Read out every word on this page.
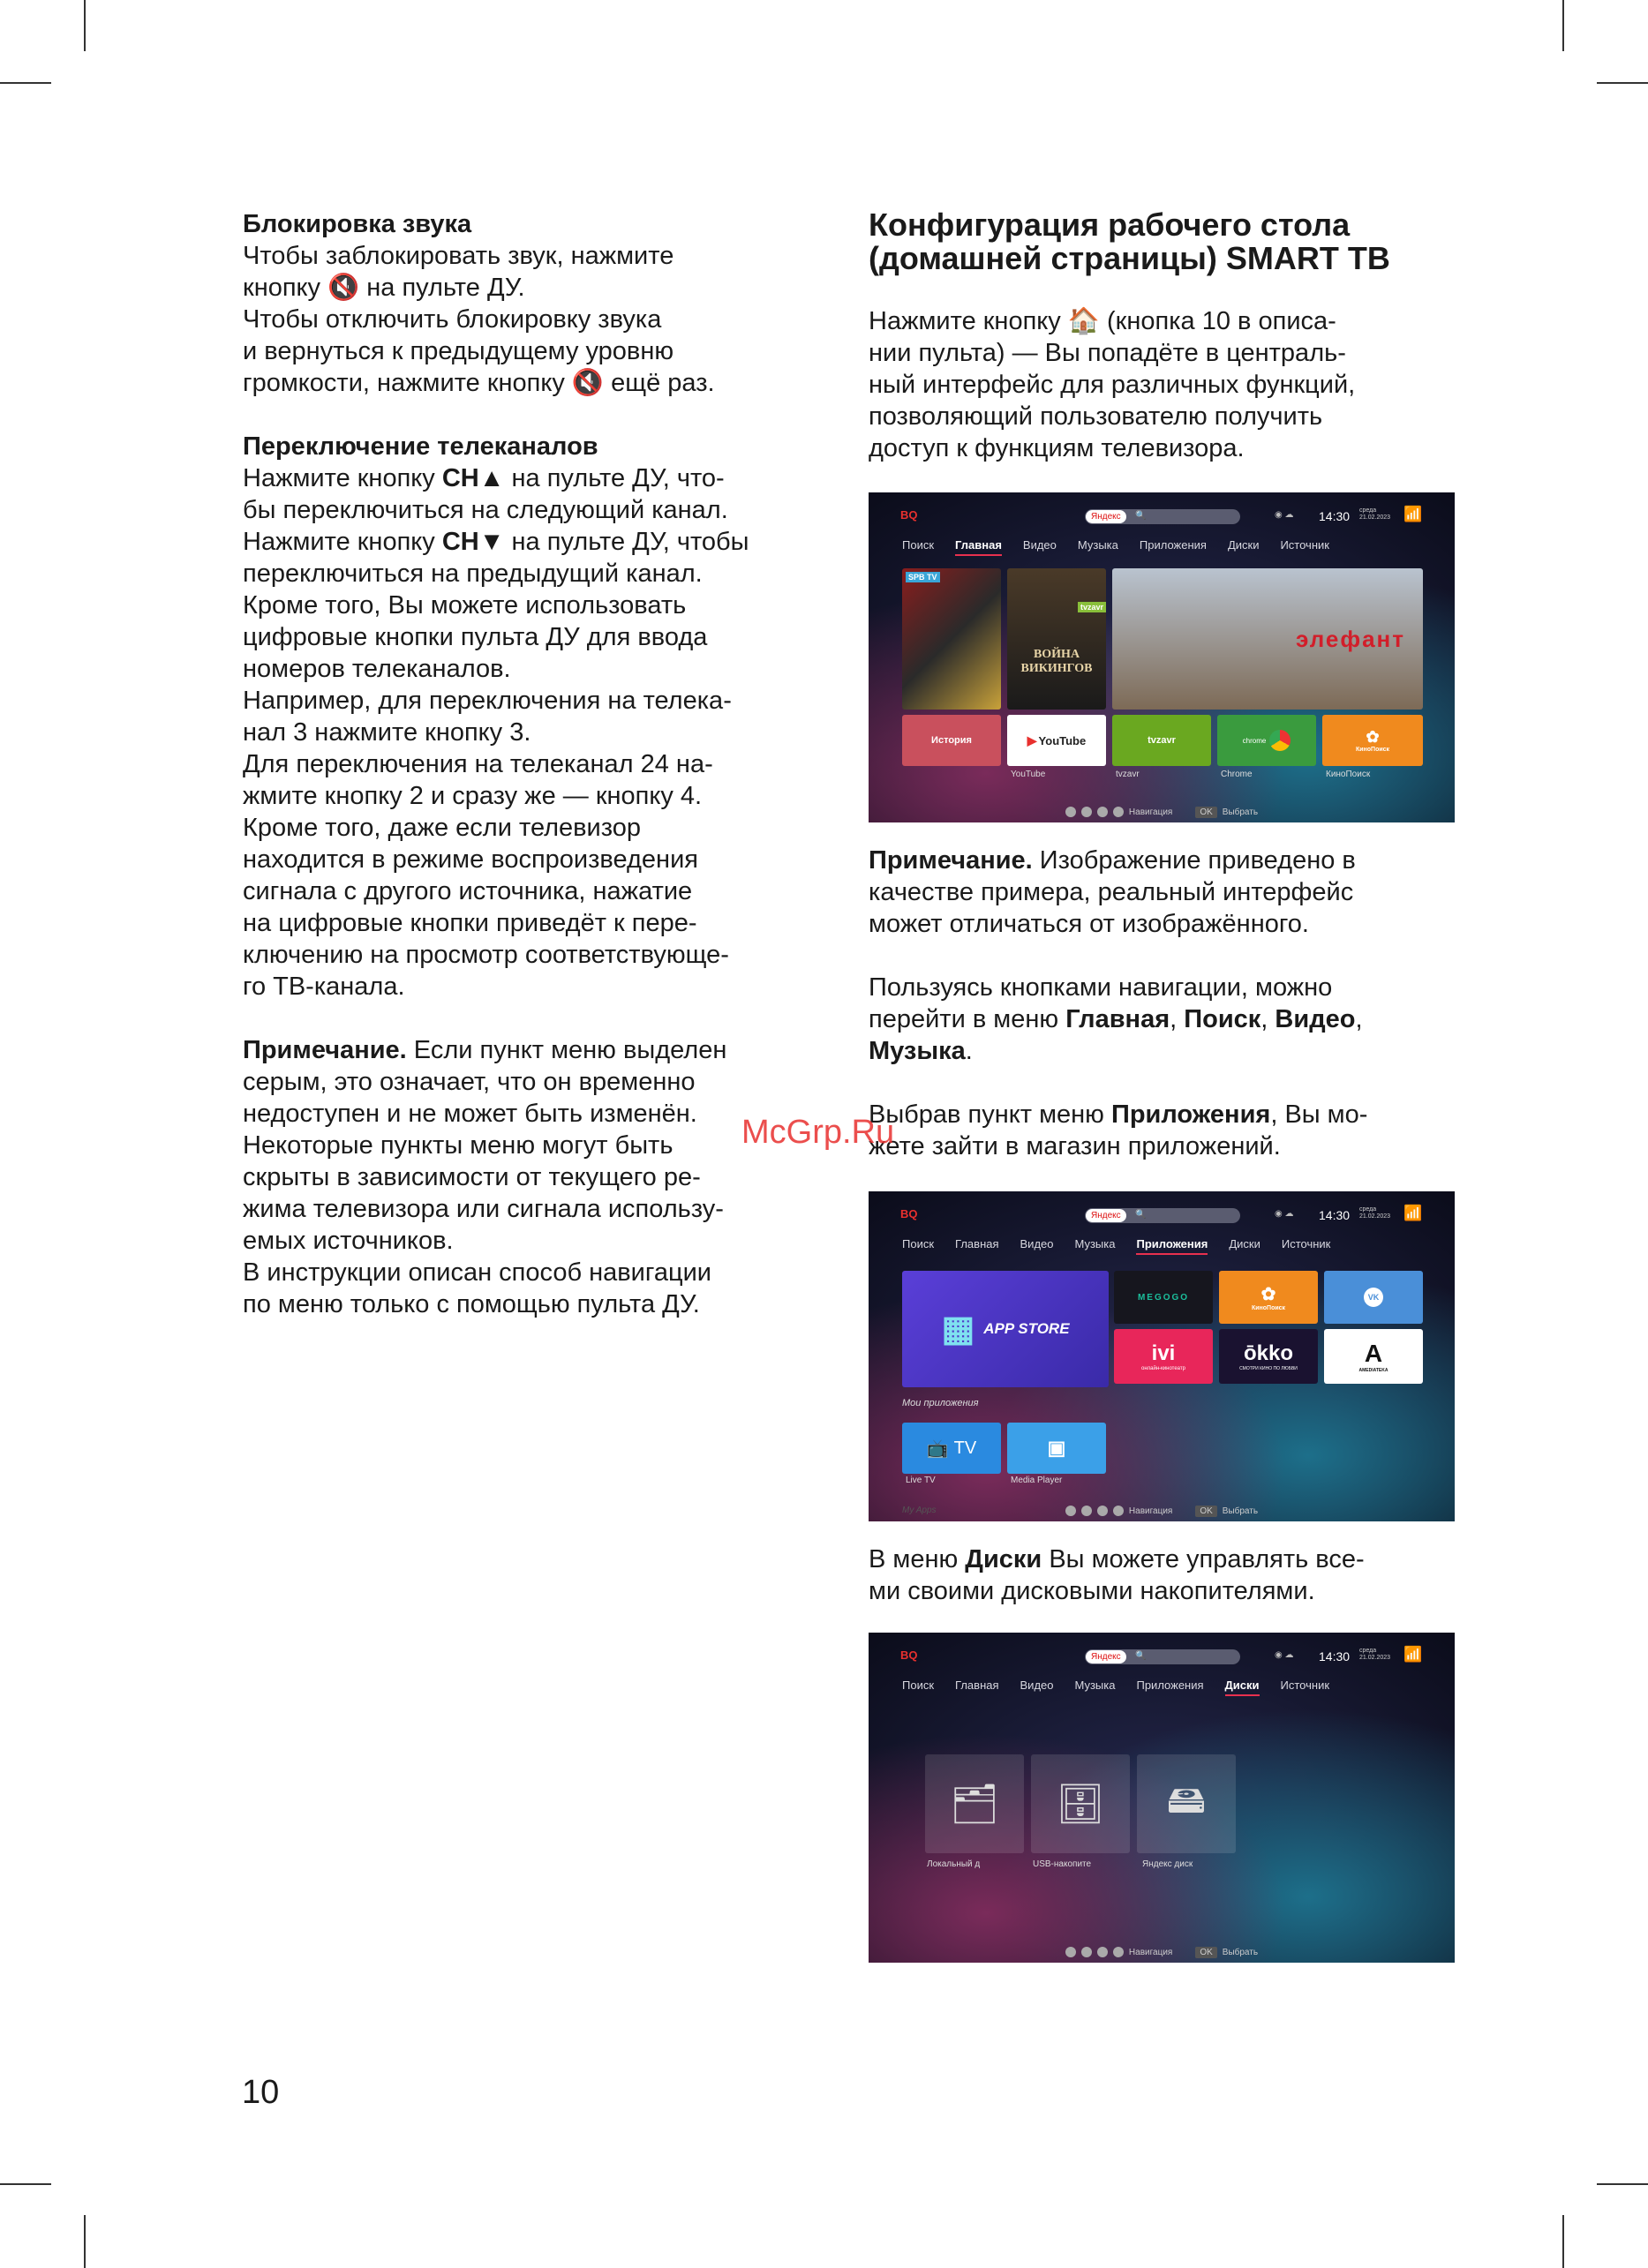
Блокировка звука

Чтобы заблокировать звук, нажмите

кнопку 🔇 на пульте ДУ.

Чтобы отключить блокировку звука

и вернуться к предыдущему уровню

громкости, нажмите кнопку 🔇 ещё раз.

Переключение телеканалов

Нажмите кнопку CH▲ на пульте ДУ, что-

бы переключиться на следующий канал.

Нажмите кнопку CH▼ на пульте ДУ, чтобы

переключиться на предыдущий канал.

Кроме того, Вы можете использовать

цифровые кнопки пульта ДУ для ввода

номеров телеканалов.

Например, для переключения на телека-

нал 3 нажмите кнопку 3.

Для переключения на телеканал 24 на-

жмите кнопку 2 и сразу же — кнопку 4.

Кроме того, даже если телевизор

находится в режиме воспроизведения

сигнала с другого источника, нажатие

на цифровые кнопки приведёт к пере-

ключению на просмотр соответствующе-

го ТВ-канала.

Примечание. Если пункт меню выделен

серым, это означает, что он временно

недоступен и не может быть изменён.

Некоторые пункты меню могут быть

скрыты в зависимости от текущего ре-

жима телевизора или сигнала использу-

емых источников.

В инструкции описан способ навигации

по меню только с помощью пульта ДУ.

Конфигурация рабочего стола
(домашней страницы) SMART TB

Нажмите кнопку 🏠 (кнопка 10 в описа-

нии пульта) — Вы попадёте в централь-

ный интерфейс для различных функций,

позволяющий пользователю получить

доступ к функциям телевизора.

BQ	Яндекс	🔍	◉ ☁ 14:30 среда
21.02.2023 📶
Поиск Главная Видео Музыка Приложения Диски Источник
SPB TV
tvzavr
ВОЙНА ВИКИНГОВ
элефант
История	▶ YouTube	tvzavr	chrome	✿
КиноПоиск
YouTube	tvzavr	Chrome	КиноПоиск
Навигация	OK	Выбрать

Примечание. Изображение приведено в

качестве примера, реальный интерфейс

может отличаться от изображённого.

Пользуясь кнопками навигации, можно

перейти в меню Главная, Поиск, Видео,

Музыка.

Выбрав пункт меню Приложения, Вы мо-

жете зайти в магазин приложений.

BQ	Яндекс	🔍	◉ ☁ 14:30 среда
21.02.2023 📶
Поиск Главная Видео Музыка Приложения Диски Источник
▦ APP STORE
MEGOGO	✿
КиноПоиск
VK
ivi
онлайн-кинотеатр
ōkko
СМОТРИ КИНО ПО ЛЮБВИ
A
AMEDIATEKA
Мои приложения
📺 TV	▣
Live TV	Media Player
My Apps	Навигация	OK	Выбрать

В меню Диски Вы можете управлять все-

ми своими дисковыми накопителями.

BQ	Яндекс	🔍	◉ ☁ 14:30 среда
21.02.2023 📶
Поиск Главная Видео Музыка Приложения Диски Источник
🗂 🗄 🖴
Локальный д	USB-накопите	Яндекс диск
Навигация	OK	Выбрать
McGrp.Ru
10
